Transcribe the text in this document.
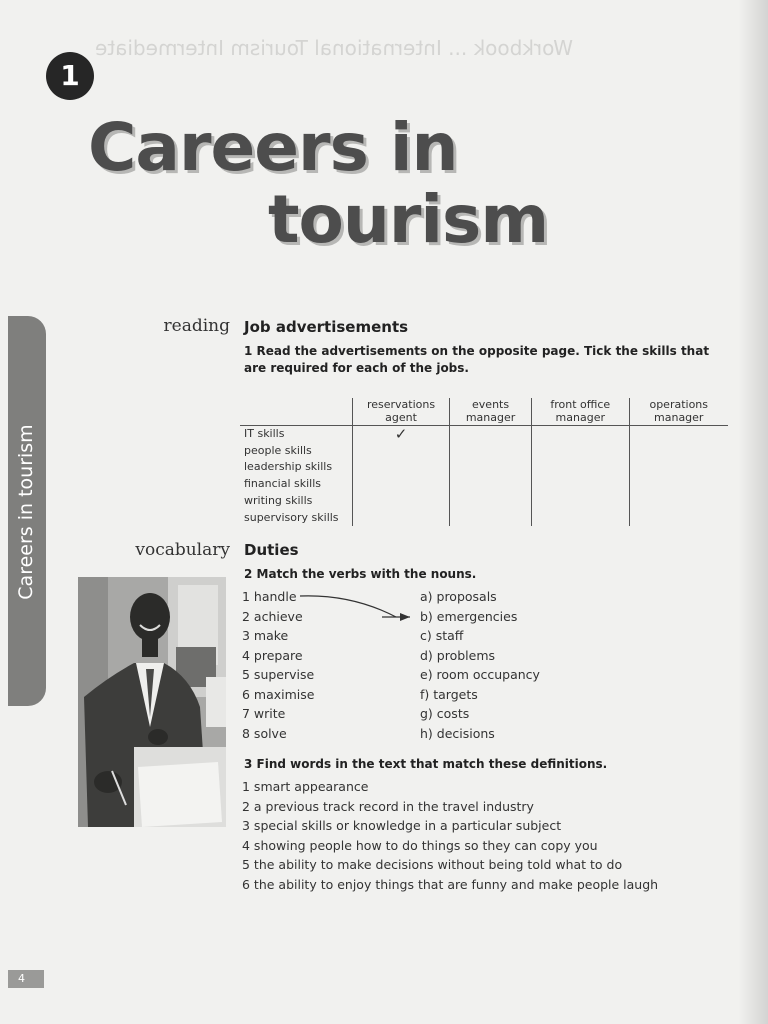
Workbook ... International Tourism Intermediate
1
Careers in
tourism
Careers in tourism
reading Job advertisements
1 Read the advertisements on the opposite page. Tick the skills that are required for each of the jobs.
	reservations agent	events manager	front office manager	operations manager
IT skills	✓			
people skills				
leadership skills				
financial skills				
writing skills				
supervisory skills				
vocabulary Duties
2 Match the verbs with the nouns.
1 handle
2 achieve
3 make
4 prepare
5 supervise
6 maximise
7 write
8 solve
a) proposals
b) emergencies
c) staff
d) problems
e) room occupancy
f) targets
g) costs
h) decisions
3 Find words in the text that match these definitions.
1 smart appearance
2 a previous track record in the travel industry
3 special skills or knowledge in a particular subject
4 showing people how to do things so they can copy you
5 the ability to make decisions without being told what to do
6 the ability to enjoy things that are funny and make people laugh
4
